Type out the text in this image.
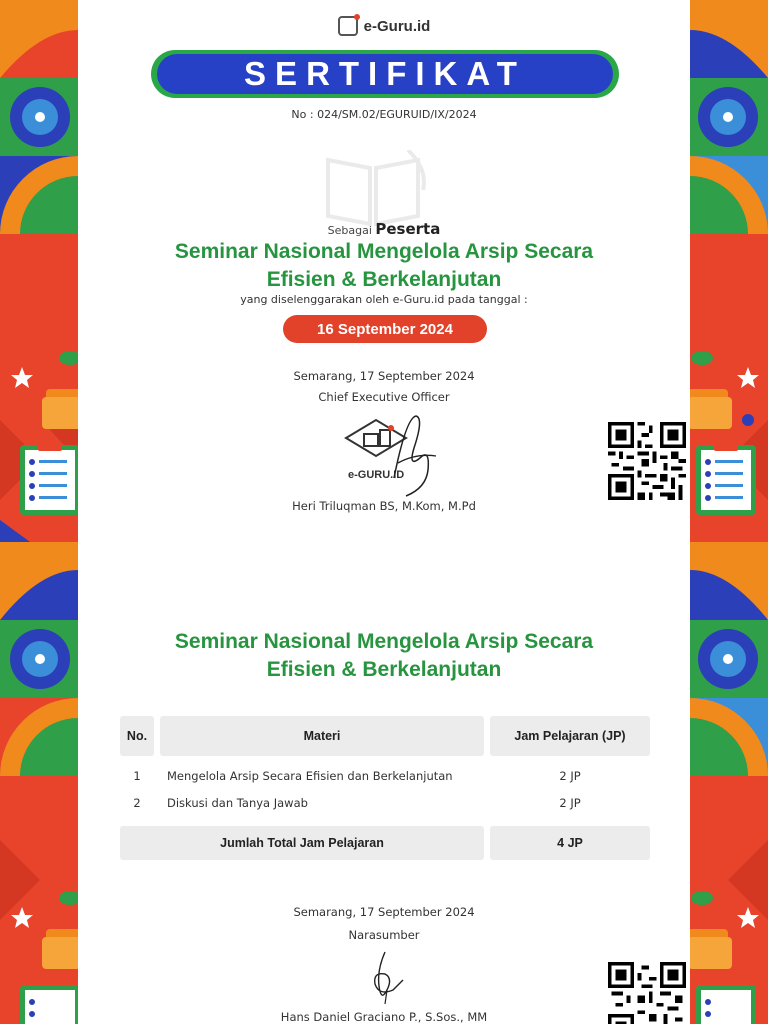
e-Guru.id
SERTIFIKAT
No : 024/SM.02/EGURUID/IX/2024
Sebagai Peserta
Seminar Nasional Mengelola Arsip Secara
Efisien & Berkelanjutan
yang diselenggarakan oleh e-Guru.id pada tanggal :
16 September 2024
Semarang, 17 September 2024
Chief Executive Officer
e-GURU.ID
Heri Triluqman BS, M.Kom, M.Pd
Seminar Nasional Mengelola Arsip Secara
Efisien & Berkelanjutan
No.	Materi	Jam Pelajaran (JP)
1	Mengelola Arsip Secara Efisien dan Berkelanjutan	2 JP
2	Diskusi dan Tanya Jawab	2 JP
Jumlah Total Jam Pelajaran	4 JP
Semarang, 17 September 2024
Narasumber
Hans Daniel Graciano P., S.Sos., MM
